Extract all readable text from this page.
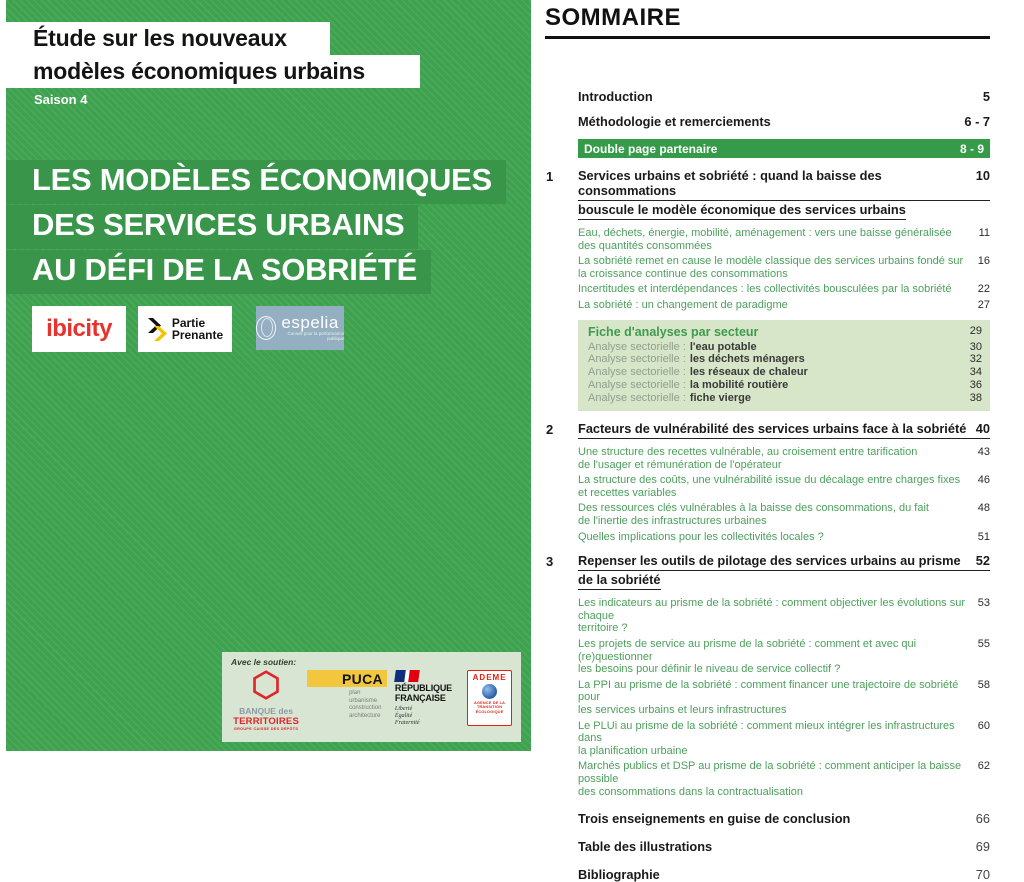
Étude sur les nouveaux
modèles économiques urbains
Saison 4
LES MODÈLES ÉCONOMIQUES
DES SERVICES URBAINS
AU DÉFI DE LA SOBRIÉTÉ
ibicity	Partie
Prenante
espelia
Conseil pour la performance publique
Avec le soutien:
BANQUE des
TERRITOIRES
GROUPE CAISSE DES DÉPÔTS
PUCA
plan
urbanisme
construction
architecture
RÉPUBLIQUE
FRANÇAISE
Liberté
Égalité
Fraternité
ADEME
AGENCE DE LA
TRANSITION
ÉCOLOGIQUE
SOMMAIRE
Introduction	5
Méthodologie et remerciements	6 - 7
Double page partenaire	8 - 9
1 Services urbains et sobriété : quand la baisse des consommations
10
bouscule le modèle économique des services urbains
Eau, déchets, énergie, mobilité, aménagement : vers une baisse généralisée
des quantités consommées
11
La sobriété remet en cause le modèle classique des services urbains fondé sur
la croissance continue des consommations
16
Incertitudes et interdépendances : les collectivités bousculées par la sobriété 22
La sobriété : un changement de paradigme	27
Fiche d'analyses par secteur	29
Analyse sectorielle : l'eau potable	30
Analyse sectorielle : les déchets ménagers	32
Analyse sectorielle : les réseaux de chaleur	34
Analyse sectorielle : la mobilité routière	36
Analyse sectorielle : fiche vierge	38
2 Facteurs de vulnérabilité des services urbains face à la sobriété 40
Une structure des recettes vulnérable, au croisement entre tarification
de l'usager et rémunération de l'opérateur
43
La structure des coûts, une vulnérabilité issue du décalage entre charges fixes
et recettes variables
46
Des ressources clés vulnérables à la baisse des consommations, du fait
de l'inertie des infrastructures urbaines
48
Quelles implications pour les collectivités locales ?	51
3 Repenser les outils de pilotage des services urbains au prisme 52
de la sobriété
Les indicateurs au prisme de la sobriété : comment objectiver les évolutions sur chaque
territoire ?
53
Les projets de service au prisme de la sobriété : comment et avec qui (re)questionner
les besoins pour définir le niveau de service collectif ?
55
La PPI au prisme de la sobriété : comment financer une trajectoire de sobriété pour
les services urbains et leurs infrastructures
58
Le PLUi au prisme de la sobriété : comment mieux intégrer les infrastructures dans
la planification urbaine
60
Marchés publics et DSP au prisme de la sobriété : comment anticiper la baisse possible
des consommations dans la contractualisation
62
Trois enseignements en guise de conclusion	66
Table des illustrations	69
Bibliographie	70
